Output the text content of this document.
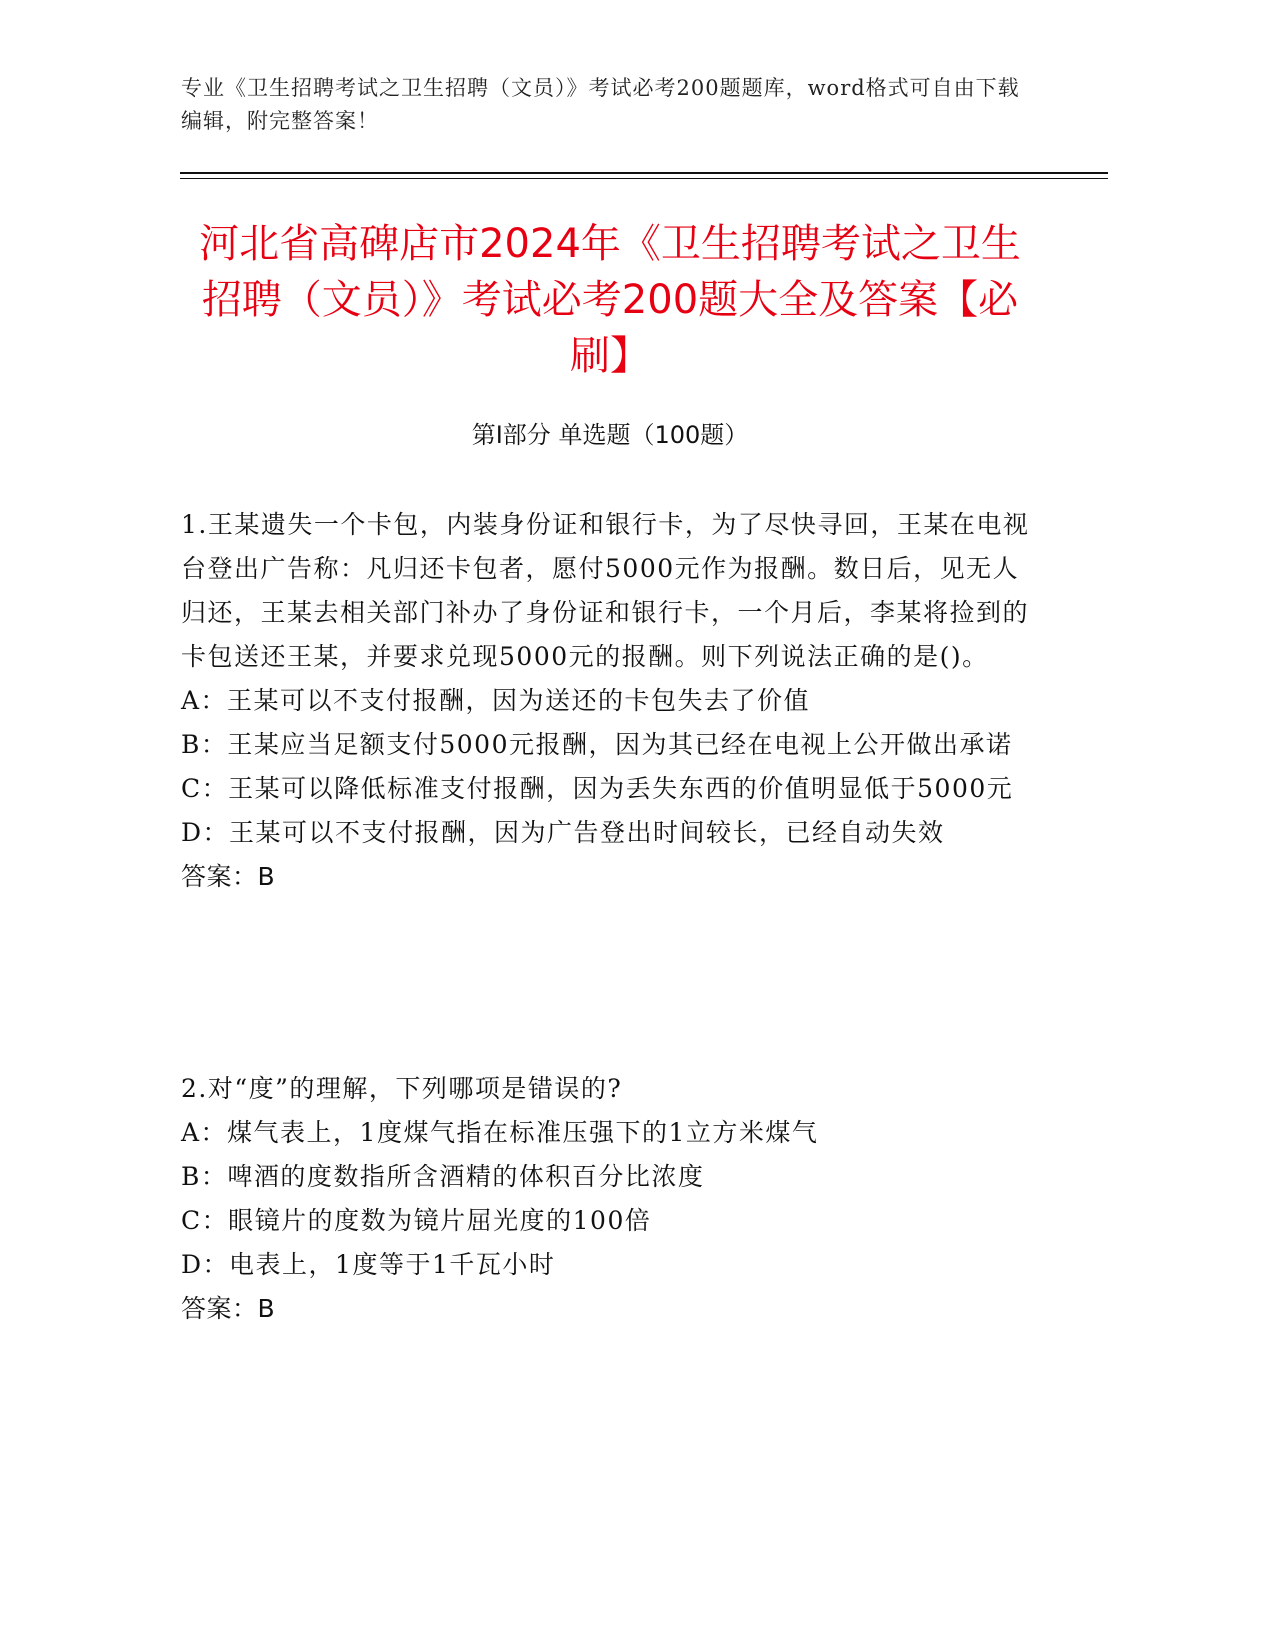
专业《卫生招聘考试之卫生招聘（文员）》考试必考200题题库，word格式可自由下载编辑，附完整答案！
河北省高碑店市2024年《卫生招聘考试之卫生招聘（文员）》考试必考200题大全及答案【必刷】
第Ⅰ部分 单选题（100题）

1.王某遗失一个卡包，内装身份证和银行卡，为了尽快寻回，王某在电视台登出广告称：凡归还卡包者，愿付5000元作为报酬。数日后，见无人归还，王某去相关部门补办了身份证和银行卡，一个月后，李某将捡到的卡包送还王某，并要求兑现5000元的报酬。则下列说法正确的是()。

A：王某可以不支付报酬，因为送还的卡包失去了价值

B：王某应当足额支付5000元报酬，因为其已经在电视上公开做出承诺

C：王某可以降低标准支付报酬，因为丢失东西的价值明显低于5000元

D：王某可以不支付报酬，因为广告登出时间较长，已经自动失效

答案：B

2.对“度”的理解，下列哪项是错误的?

A：煤气表上，1度煤气指在标准压强下的1立方米煤气

B：啤酒的度数指所含酒精的体积百分比浓度

C：眼镜片的度数为镜片屈光度的100倍

D：电表上，1度等于1千瓦小时

答案：B
